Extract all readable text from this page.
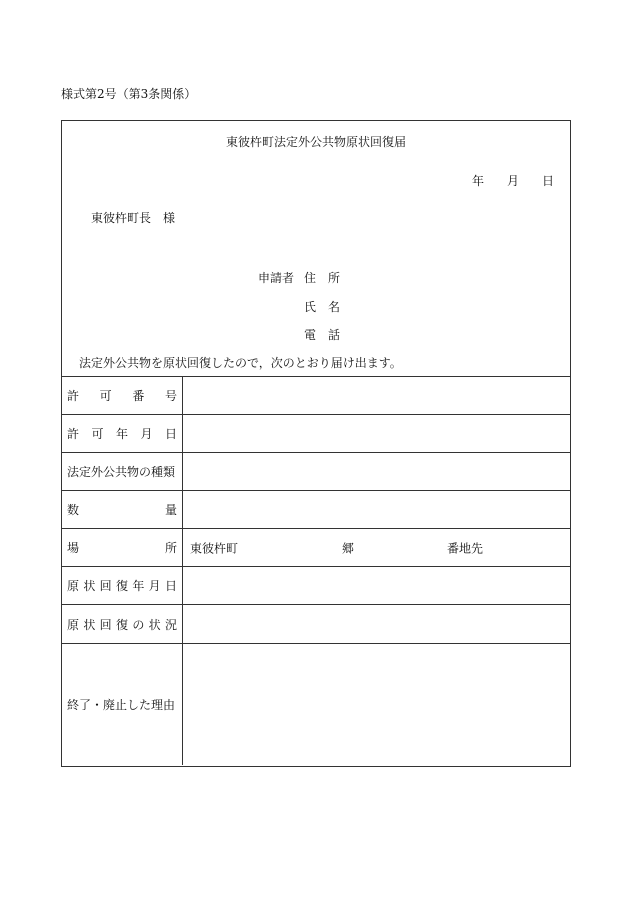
様式第2号（第3条関係）
東彼杵町法定外公共物原状回復届
年 月 日
東彼杵町長　様
申請者 住 所
氏 名
電 話
法定外公共物を原状回復したので，次のとおり届け出ます。
許 可 番 号
許 可 年 月 日
法定外公共物の種類
数	量
場	所 東彼杵町	郷	番地先
原 状 回 復 年 月 日
原 状 回 復 の 状 況
終了・廃止した理由
